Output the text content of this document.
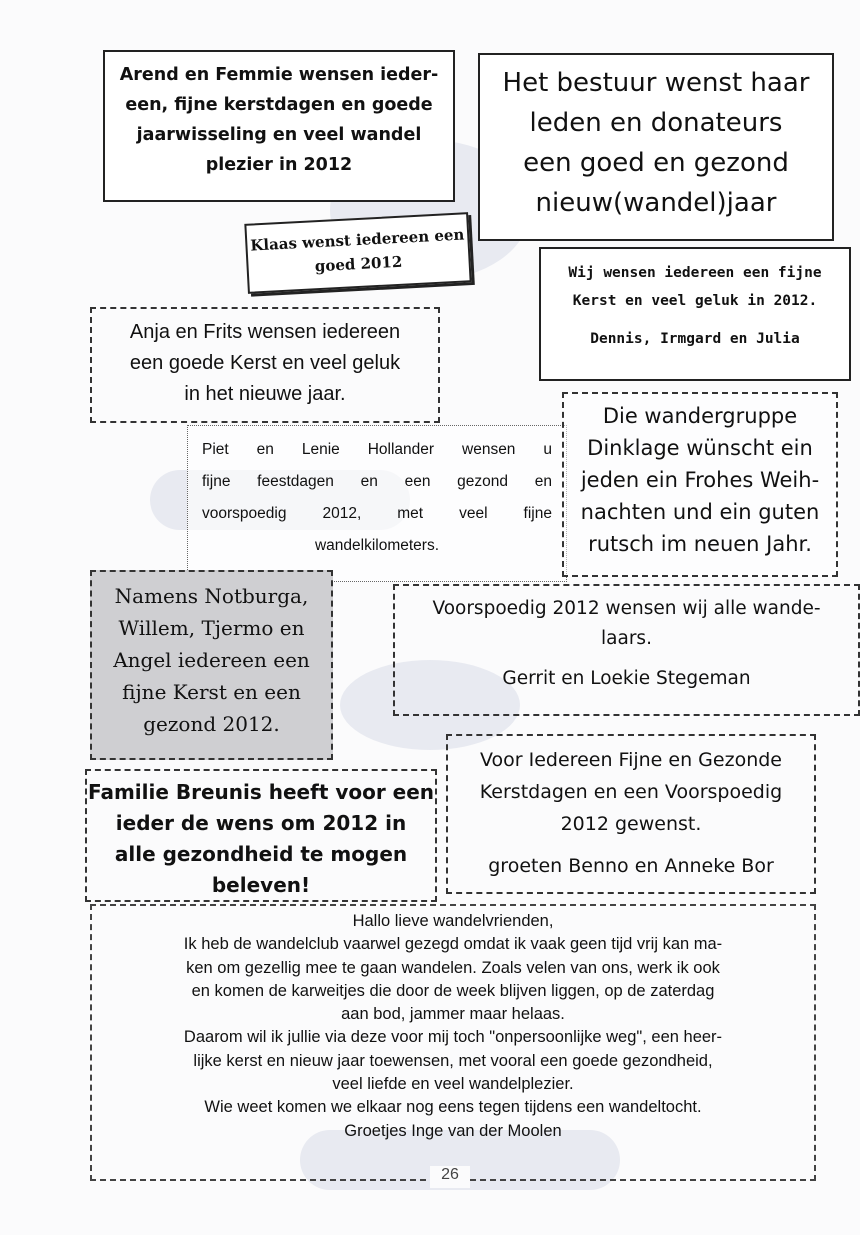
Arend en Femmie wensen ieder-

een, fijne kerstdagen en goede

jaarwisseling en veel wandel

plezier in 2012

Het bestuur wenst haar

leden en donateurs

een goed en gezond

nieuw(wandel)jaar

Klaas wenst iedereen een

goed 2012	Wij wensen iedereen een fijne

Kerst en veel geluk in 2012.

Dennis, Irmgard en Julia

Anja en Frits wensen iedereen

een goede Kerst en veel geluk

in het nieuwe jaar.

Piet en Lenie Hollander wensen u

fijne feestdagen en een gezond en

voorspoedig 2012, met veel fijne

wandelkilometers.

Die wandergruppe

Dinklage wünscht ein

jeden ein Frohes Weih-

nachten und ein guten

rutsch im neuen Jahr.

Namens Notburga,

Willem, Tjermo en

Angel iedereen een

fijne Kerst en een

gezond 2012.

Voorspoedig 2012 wensen wij alle wande-

laars.

Gerrit en Loekie Stegeman

Familie Breunis heeft voor een

ieder de wens om 2012 in

alle gezondheid te mogen

beleven!

Voor Iedereen Fijne en Gezonde

Kerstdagen en een Voorspoedig

2012 gewenst.

groeten Benno en Anneke Bor

Hallo lieve wandelvrienden,

Ik heb de wandelclub vaarwel gezegd omdat ik vaak geen tijd vrij kan ma-

ken om gezellig mee te gaan wandelen. Zoals velen van ons, werk ik ook

en komen de karweitjes die door de week blijven liggen, op de zaterdag

aan bod, jammer maar helaas.

Daarom wil ik jullie via deze voor mij toch "onpersoonlijke weg", een heer-

lijke kerst en nieuw jaar toewensen, met vooral een goede gezondheid,

veel liefde en veel wandelplezier.

Wie weet komen we elkaar nog eens tegen tijdens een wandeltocht.

Groetjes Inge van der Moolen

26
